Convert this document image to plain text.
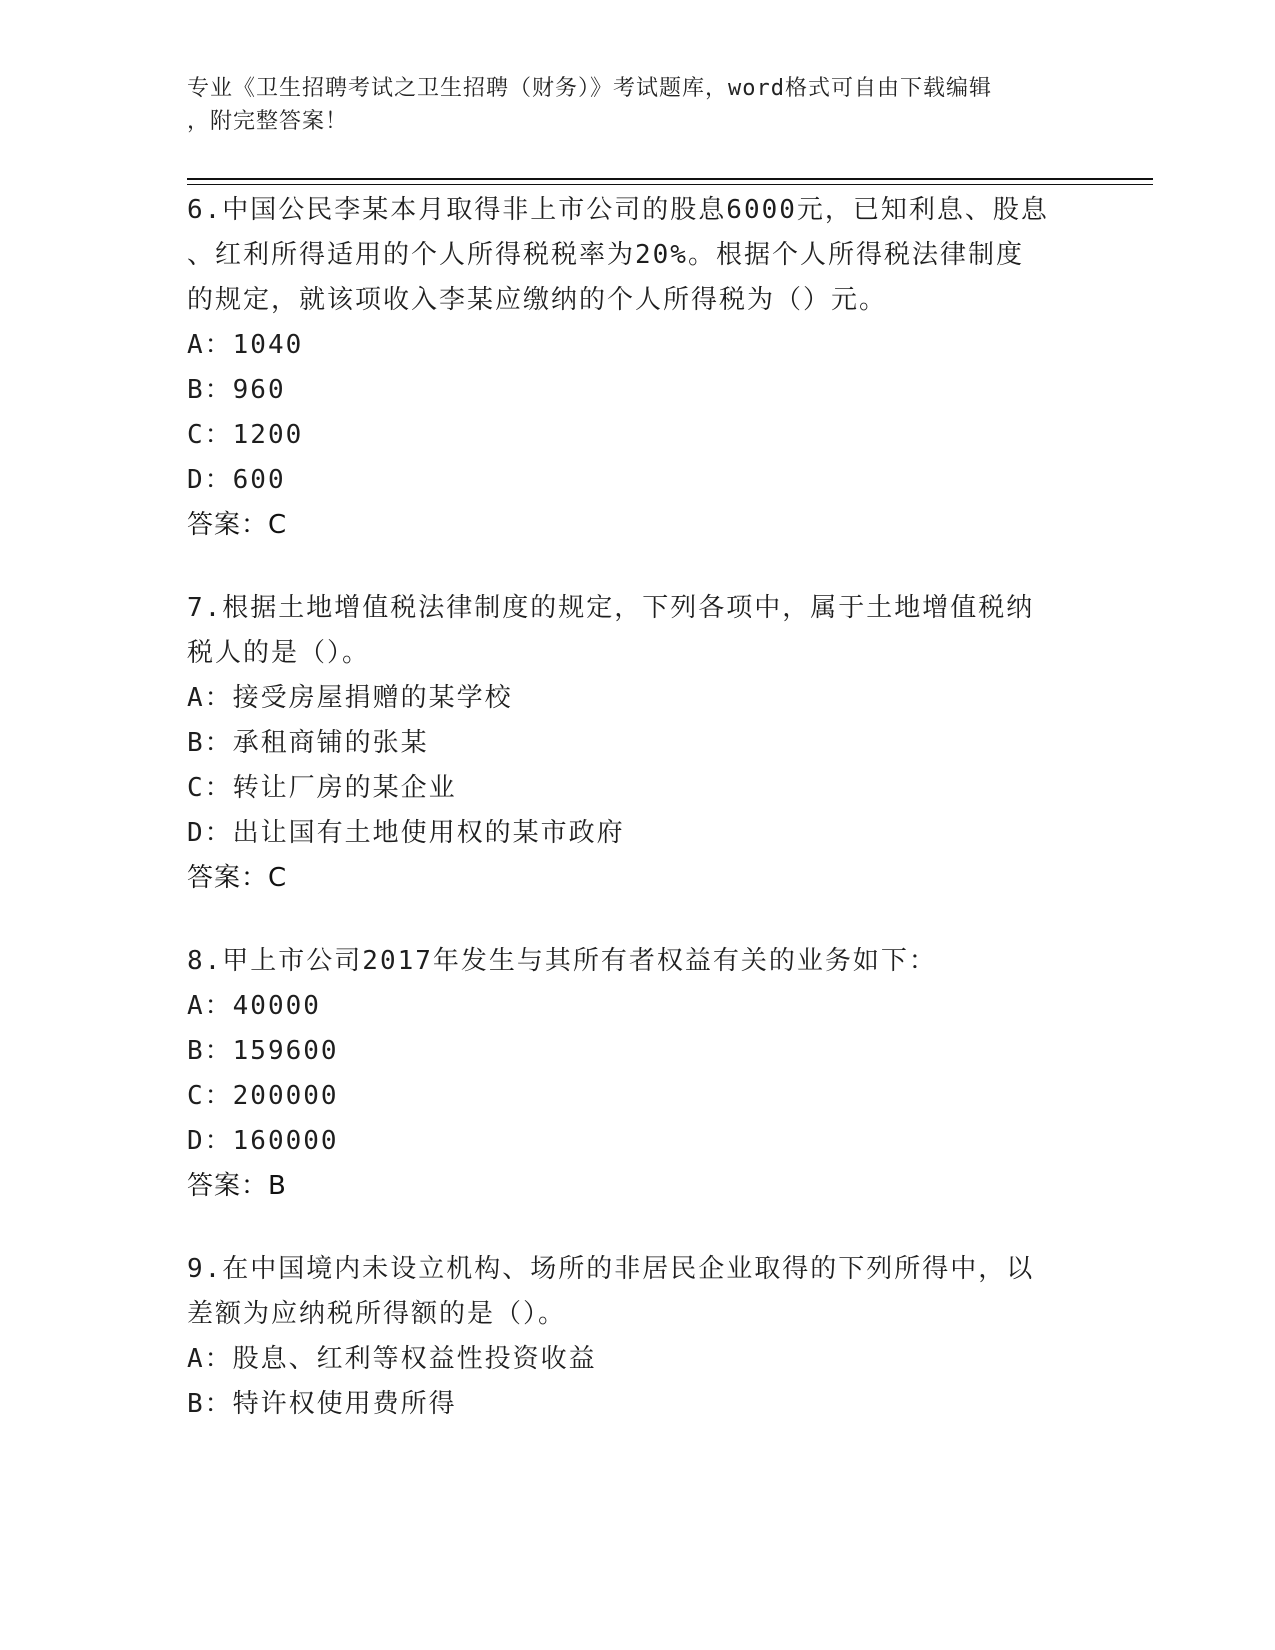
专业《卫生招聘考试之卫生招聘（财务）》考试题库，word格式可自由下载编辑
，附完整答案！
6.中国公民李某本月取得非上市公司的股息6000元，已知利息、股息
、红利所得适用的个人所得税税率为20%。根据个人所得税法律制度
的规定，就该项收入李某应缴纳的个人所得税为（）元。
A：1040
B：960
C：1200
D：600
答案：C
7.根据土地增值税法律制度的规定，下列各项中，属于土地增值税纳
税人的是（）。
A：接受房屋捐赠的某学校
B：承租商铺的张某
C：转让厂房的某企业
D：出让国有土地使用权的某市政府
答案：C
8.甲上市公司2017年发生与其所有者权益有关的业务如下：
A：40000
B：159600
C：200000
D：160000
答案：B
9.在中国境内未设立机构、场所的非居民企业取得的下列所得中，以
差额为应纳税所得额的是（）。
A：股息、红利等权益性投资收益
B：特许权使用费所得
